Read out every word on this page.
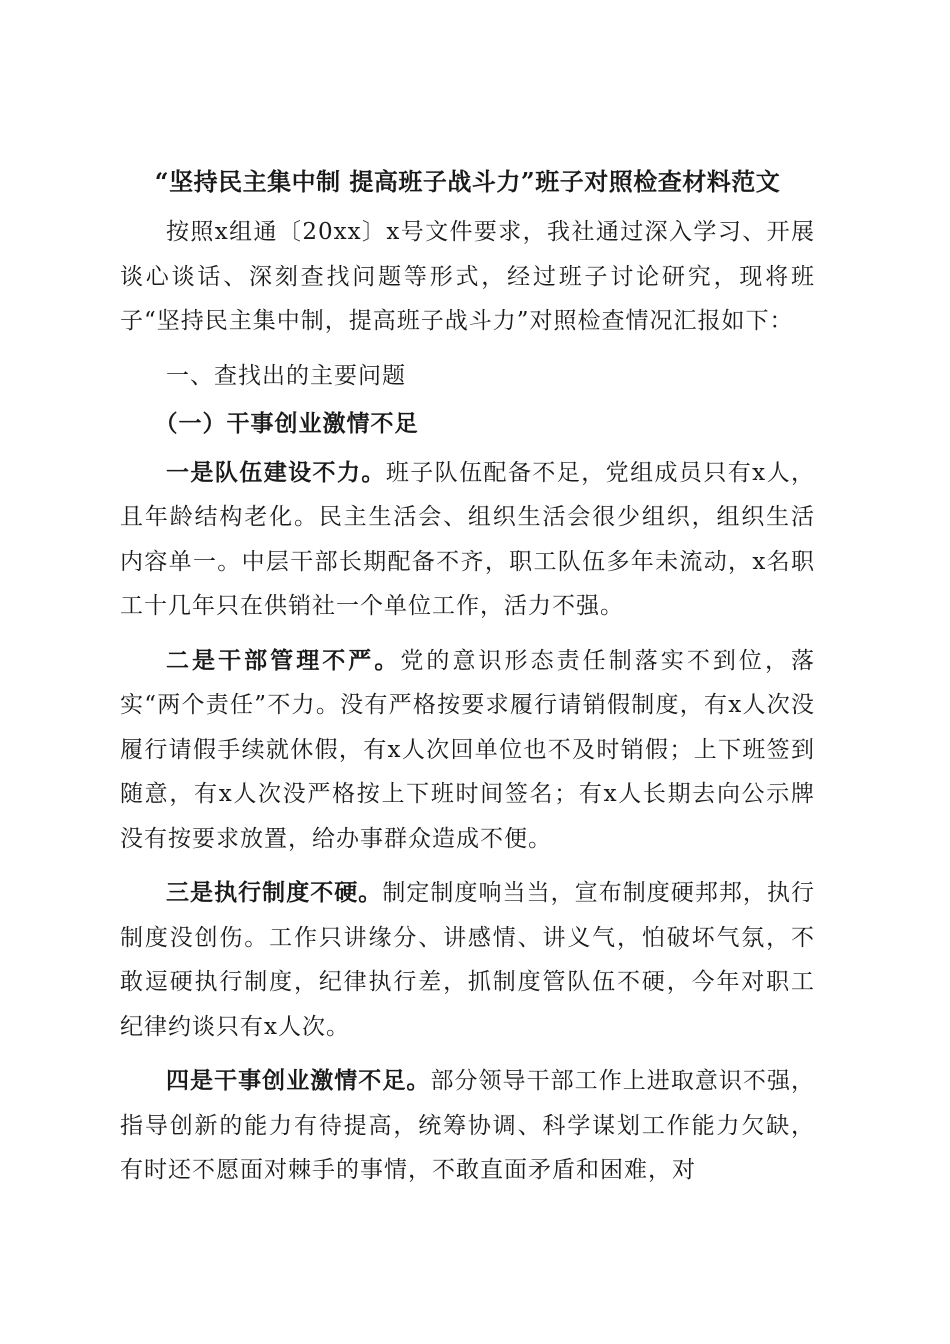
“坚持民主集中制 提高班子战斗力”班子对照检查材料范文

按照x组通〔20xx〕x号文件要求，我社通过深入学习、开展谈心谈话、深刻查找问题等形式，经过班子讨论研究，现将班子“坚持民主集中制，提高班子战斗力”对照检查情况汇报如下：

一、查找出的主要问题

（一）干事创业激情不足

一是队伍建设不力。班子队伍配备不足，党组成员只有x人，且年龄结构老化。民主生活会、组织生活会很少组织，组织生活内容单一。中层干部长期配备不齐，职工队伍多年未流动，x名职工十几年只在供销社一个单位工作，活力不强。

二是干部管理不严。党的意识形态责任制落实不到位，落实“两个责任”不力。没有严格按要求履行请销假制度，有x人次没履行请假手续就休假，有x人次回单位也不及时销假；上下班签到随意，有x人次没严格按上下班时间签名；有x人长期去向公示牌没有按要求放置，给办事群众造成不便。

三是执行制度不硬。制定制度响当当，宣布制度硬邦邦，执行制度没创伤。工作只讲缘分、讲感情、讲义气，怕破坏气氛，不敢逗硬执行制度，纪律执行差，抓制度管队伍不硬，今年对职工纪律约谈只有x人次。

四是干事创业激情不足。部分领导干部工作上进取意识不强，指导创新的能力有待提高，统筹协调、科学谋划工作能力欠缺，有时还不愿面对棘手的事情，不敢直面矛盾和困难，对
